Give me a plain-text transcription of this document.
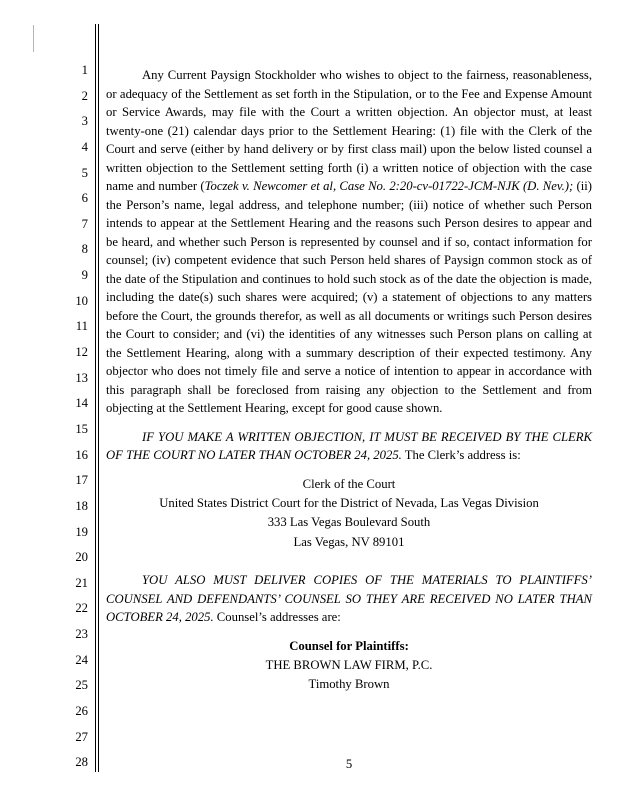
1
2
3
4
5
6
7
8
9
10
11
12
13
14
15
16
17
18
19
20
21
22
23
24
25
26
27
28

Any Current Paysign Stockholder who wishes to object to the fairness, reasonableness, or adequacy of the Settlement as set forth in the Stipulation, or to the Fee and Expense Amount or Service Awards, may file with the Court a written objection. An objector must, at least twenty-one (21) calendar days prior to the Settlement Hearing: (1) file with the Clerk of the Court and serve (either by hand delivery or by first class mail) upon the below listed counsel a written objection to the Settlement setting forth (i) a written notice of objection with the case name and number (Toczek v. Newcomer et al, Case No. 2:20-cv-01722-JCM-NJK (D. Nev.); (ii) the Person’s name, legal address, and telephone number; (iii) notice of whether such Person intends to appear at the Settlement Hearing and the reasons such Person desires to appear and be heard, and whether such Person is represented by counsel and if so, contact information for counsel; (iv) competent evidence that such Person held shares of Paysign common stock as of the date of the Stipulation and continues to hold such stock as of the date the objection is made, including the date(s) such shares were acquired; (v) a statement of objections to any matters before the Court, the grounds therefor, as well as all documents or writings such Person desires the Court to consider; and (vi) the identities of any witnesses such Person plans on calling at the Settlement Hearing, along with a summary description of their expected testimony. Any objector who does not timely file and serve a notice of intention to appear in accordance with this paragraph shall be foreclosed from raising any objection to the Settlement and from objecting at the Settlement Hearing, except for good cause shown.

IF YOU MAKE A WRITTEN OBJECTION, IT MUST BE RECEIVED BY THE CLERK OF THE COURT NO LATER THAN OCTOBER 24, 2025. The Clerk’s address is:

Clerk of the Court
United States District Court for the District of Nevada, Las Vegas Division
333 Las Vegas Boulevard South
Las Vegas, NV 89101

YOU ALSO MUST DELIVER COPIES OF THE MATERIALS TO PLAINTIFFS’ COUNSEL AND DEFENDANTS’ COUNSEL SO THEY ARE RECEIVED NO LATER THAN OCTOBER 24, 2025. Counsel’s addresses are:

Counsel for Plaintiffs:
THE BROWN LAW FIRM, P.C.
Timothy Brown
5
